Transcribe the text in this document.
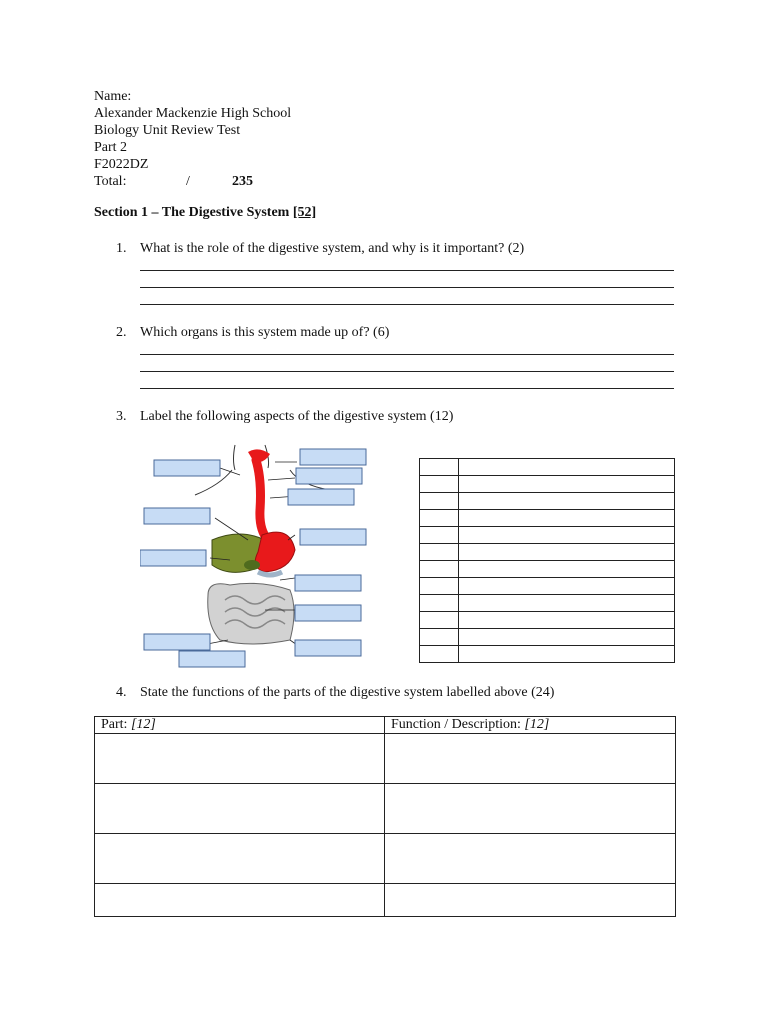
Name:
Alexander Mackenzie High School
Biology Unit Review Test
Part 2
F2022DZ
Total:	/	235
Section 1 – The Digestive System [52]
1. What is the role of the digestive system, and why is it important? (2)
2. Which organs is this system made up of? (6)
3. Label the following aspects of the digestive system (12)

4. State the functions of the parts of the digestive system labelled above (24)
Part: [12]	Function / Description: [12]
